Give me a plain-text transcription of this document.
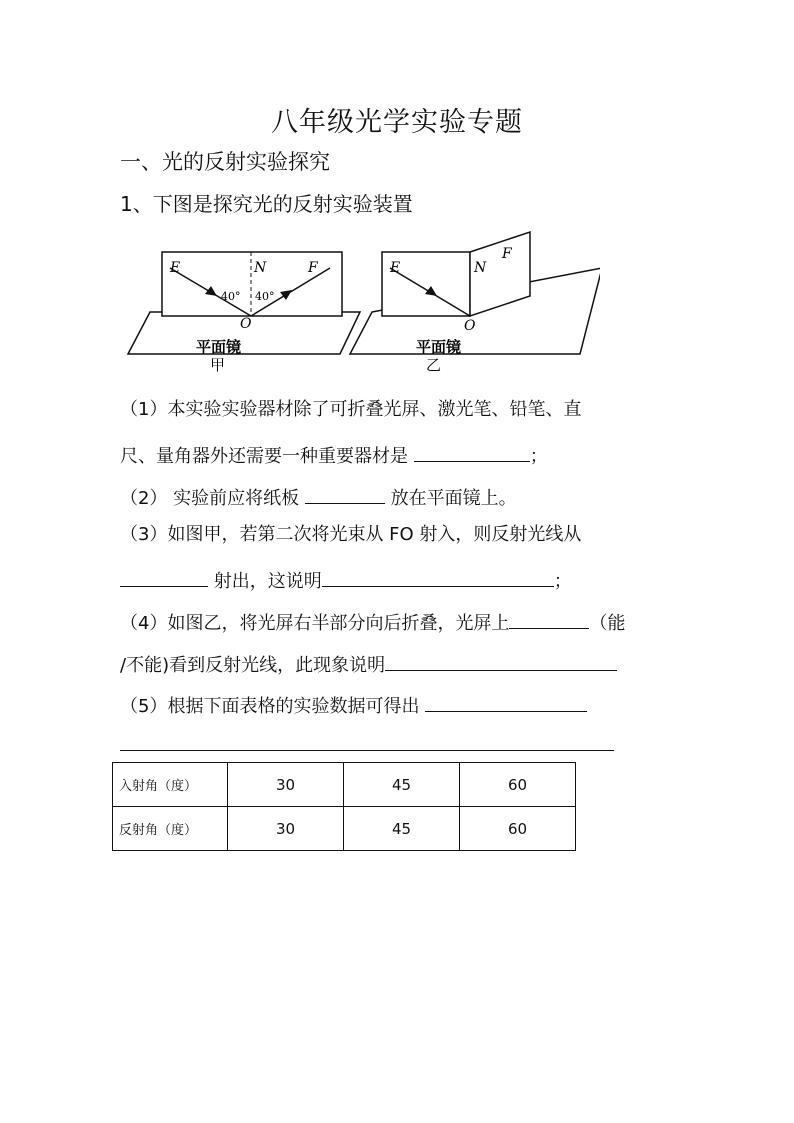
八年级光学实验专题
一、光的反射实验探究
1、下图是探究光的反射实验装置
E	N	F
40° 40°
O
平面镜
甲
E	N
F
O
平面镜
乙
（1）本实验实验器材除了可折叠光屏、激光笔、铅笔、直
尺、量角器外还需要一种重要器材是	；
（2） 实验前应将纸板	放在平面镜上。
（3）如图甲，若第二次将光束从 FO 射入，则反射光线从
射出，这说明	；
（4）如图乙，将光屏右半部分向后折叠，光屏上	（能
/不能)看到反射光线，此现象说明
（5）根据下面表格的实验数据可得出
入射角（度）	30	45	60
反射角（度）	30	45	60
